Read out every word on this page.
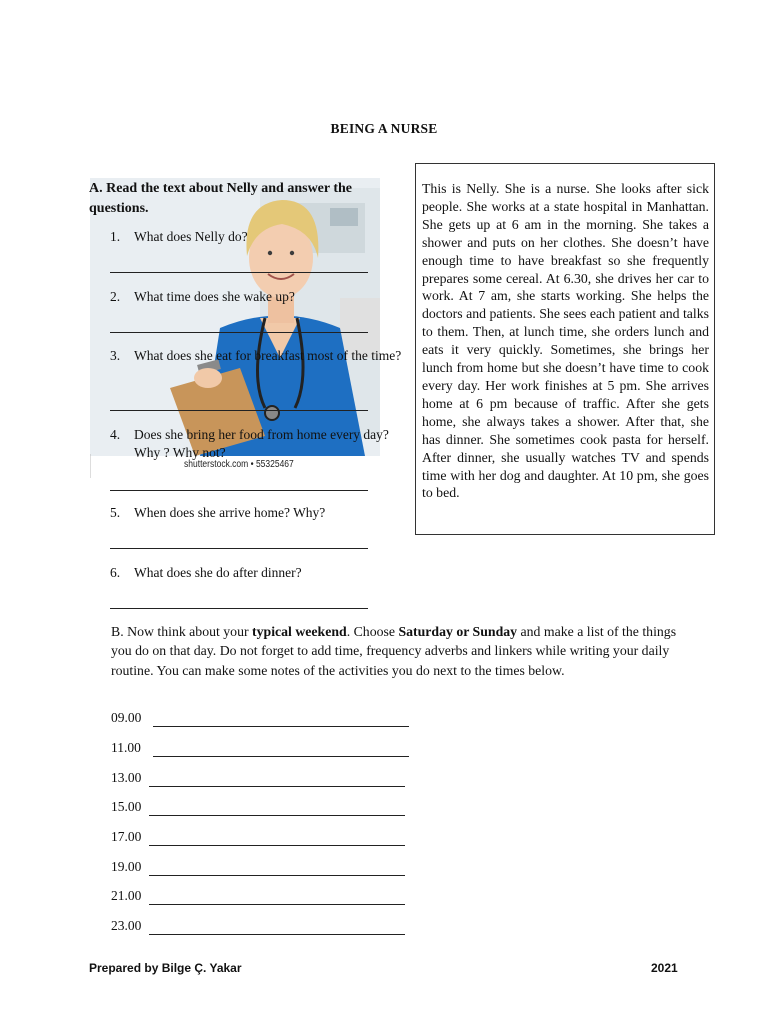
BEING A NURSE
shutterstock.com • 55325467
A. Read the text about Nelly and answer the questions.
1.	What does Nelly do?
2.	What time does she wake up?
3.	What does she eat for breakfast most of the time?
4.	Does she bring her food from home every day? Why ? Why not?
5.	When does she arrive home? Why?
6.	What does she do after dinner?

This is Nelly. She is a nurse. She looks after sick people. She works at a state hospital in Manhattan. She gets up at 6 am in the morning. She takes a shower and puts on her clothes. She doesn’t have enough time to have breakfast so she frequently prepares some cereal. At 6.30, she drives her car to work. At 7 am, she starts working. She helps the doctors and patients. She sees each patient and talks to them. Then, at lunch time, she orders lunch and eats it very quickly. Sometimes, she brings her lunch from home but she doesn’t have time to cook every day. Her work finishes at 5 pm. She arrives home at 6 pm because of traffic. After she gets home, she always takes a shower. After that, she has dinner. She sometimes cook pasta for herself. After dinner, she usually watches TV and spends time with her dog and daughter. At 10 pm, she goes to bed.

B. Now think about your typical weekend. Choose Saturday or Sunday and make a list of the things you do on that day. Do not forget to add time, frequency adverbs and linkers while writing your daily routine. You can make some notes of the activities you do next to the times below.
09.00
11.00
13.00
15.00
17.00
19.00
21.00
23.00
Prepared by Bilge Ç. Yakar	2021
